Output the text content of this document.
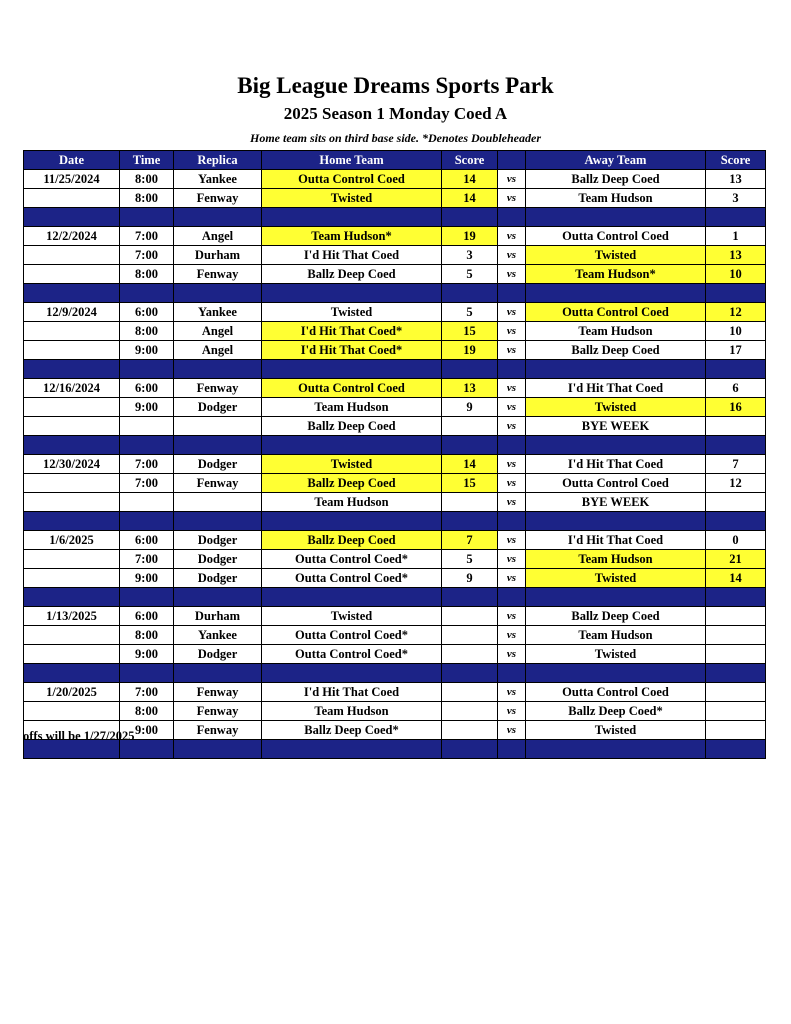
Big League Dreams Sports Park
2025 Season 1 Monday Coed A
Home team sits on third base side. *Denotes Doubleheader
Date	Time	Replica	Home Team	Score		Away Team	Score
11/25/2024	8:00	Yankee	Outta Control Coed	14	vs	Ballz Deep Coed	13
	8:00	Fenway	Twisted	14	vs	Team Hudson	3

12/2/2024	7:00	Angel	Team Hudson*	19	vs	Outta Control Coed	1
	7:00	Durham	I'd Hit That Coed	3	vs	Twisted	13
	8:00	Fenway	Ballz Deep Coed	5	vs	Team Hudson*	10

12/9/2024	6:00	Yankee	Twisted	5	vs	Outta Control Coed	12
	8:00	Angel	I'd Hit That Coed*	15	vs	Team Hudson	10
	9:00	Angel	I'd Hit That Coed*	19	vs	Ballz Deep Coed	17

12/16/2024	6:00	Fenway	Outta Control Coed	13	vs	I'd Hit That Coed	6
	9:00	Dodger	Team Hudson	9	vs	Twisted	16
			Ballz Deep Coed		vs	BYE WEEK	

12/30/2024	7:00	Dodger	Twisted	14	vs	I'd Hit That Coed	7
	7:00	Fenway	Ballz Deep Coed	15	vs	Outta Control Coed	12
			Team Hudson		vs	BYE WEEK	

1/6/2025	6:00	Dodger	Ballz Deep Coed	7	vs	I'd Hit That Coed	0
	7:00	Dodger	Outta Control Coed*	5	vs	Team Hudson	21
	9:00	Dodger	Outta Control Coed*	9	vs	Twisted	14

1/13/2025	6:00	Durham	Twisted		vs	Ballz Deep Coed	
	8:00	Yankee	Outta Control Coed*		vs	Team Hudson	
	9:00	Dodger	Outta Control Coed*		vs	Twisted	

1/20/2025	7:00	Fenway	I'd Hit That Coed		vs	Outta Control Coed	
	8:00	Fenway	Team Hudson		vs	Ballz Deep Coed*	
	9:00	Fenway	Ballz Deep Coed*		vs	Twisted	

offs will be 1/27/2025
